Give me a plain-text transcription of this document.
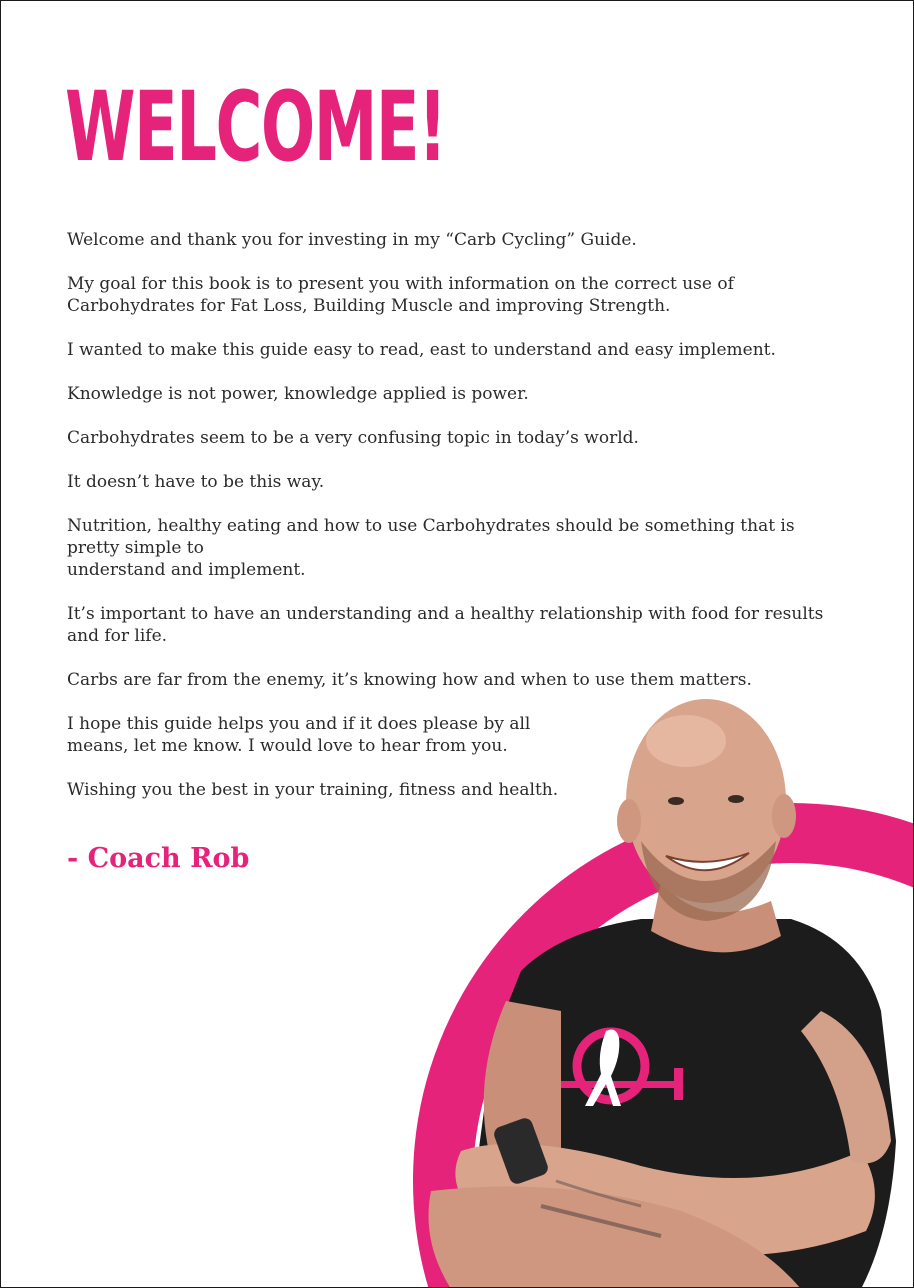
WELCOME!

Welcome and thank you for investing in my “Carb Cycling” Guide.

My goal for this book is to present you with information on the correct use of Carbohydrates for Fat Loss, Building Muscle and improving Strength.

I wanted to make this guide easy to read, east to understand and easy implement.

Knowledge is not power, knowledge applied is power.

Carbohydrates seem to be a very confusing topic in today’s world.

It doesn’t have to be this way.

Nutrition, healthy eating and how to use Carbohydrates should be something that is pretty simple to
understand and implement.

It’s important to have an understanding and a healthy relationship with food for results and for life.

Carbs are far from the enemy, it’s knowing how and when to use them matters.

I hope this guide helps you and if it does please by all
means, let me know. I would love to hear from you.

Wishing you the best in your training, fitness and health.

- Coach Rob
